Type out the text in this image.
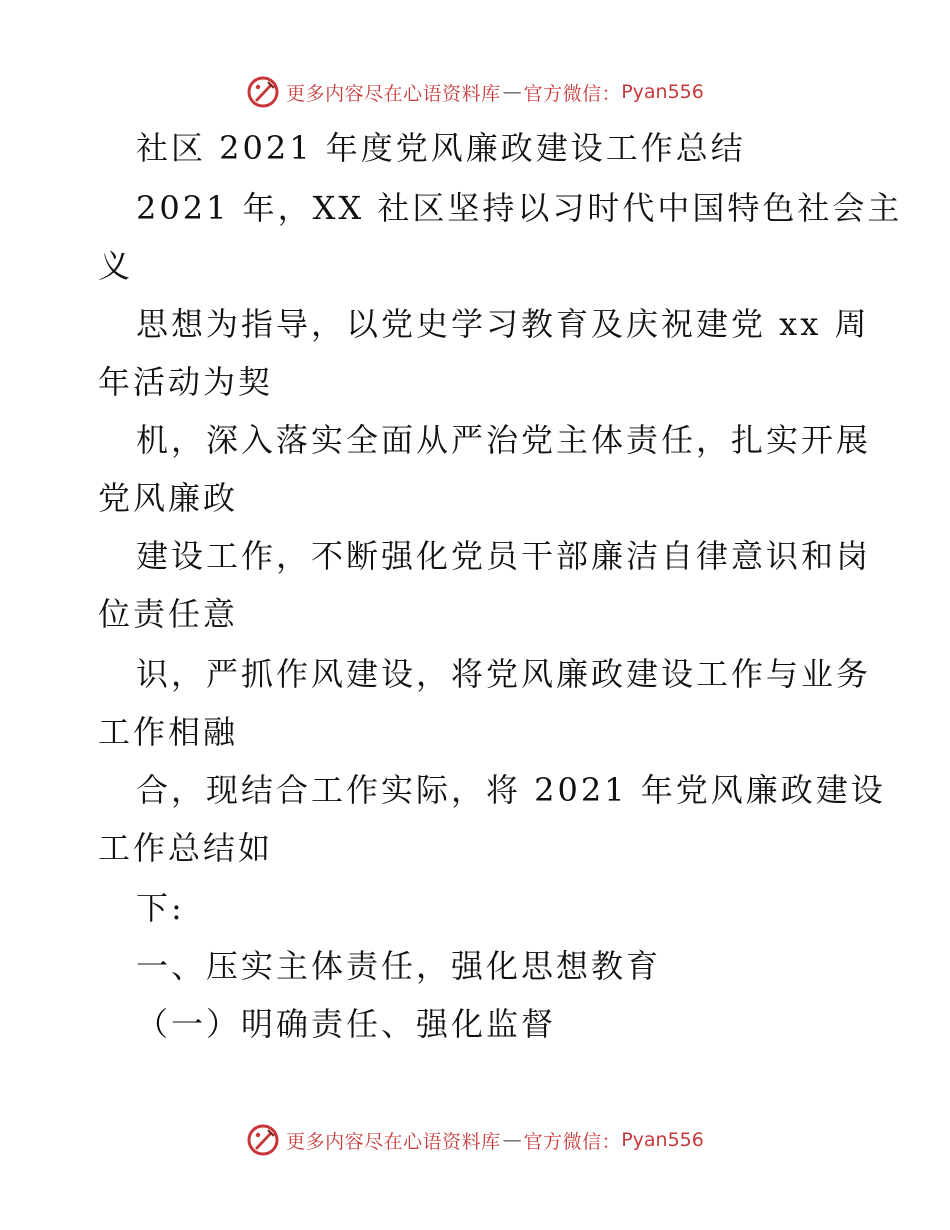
更多内容尽在心语资料库 — 官方微信： Pyan556
社区 2021 年度党风廉政建设工作总结
2021 年，XX 社区坚持以习时代中国特色社会主
义
思想为指导，以党史学习教育及庆祝建党 xx 周
年活动为契
机，深入落实全面从严治党主体责任，扎实开展
党风廉政
建设工作，不断强化党员干部廉洁自律意识和岗
位责任意
识，严抓作风建设，将党风廉政建设工作与业务
工作相融
合，现结合工作实际，将 2021 年党风廉政建设
工作总结如
下:
一、压实主体责任，强化思想教育
（一）明确责任、强化监督
更多内容尽在心语资料库 — 官方微信： Pyan556
